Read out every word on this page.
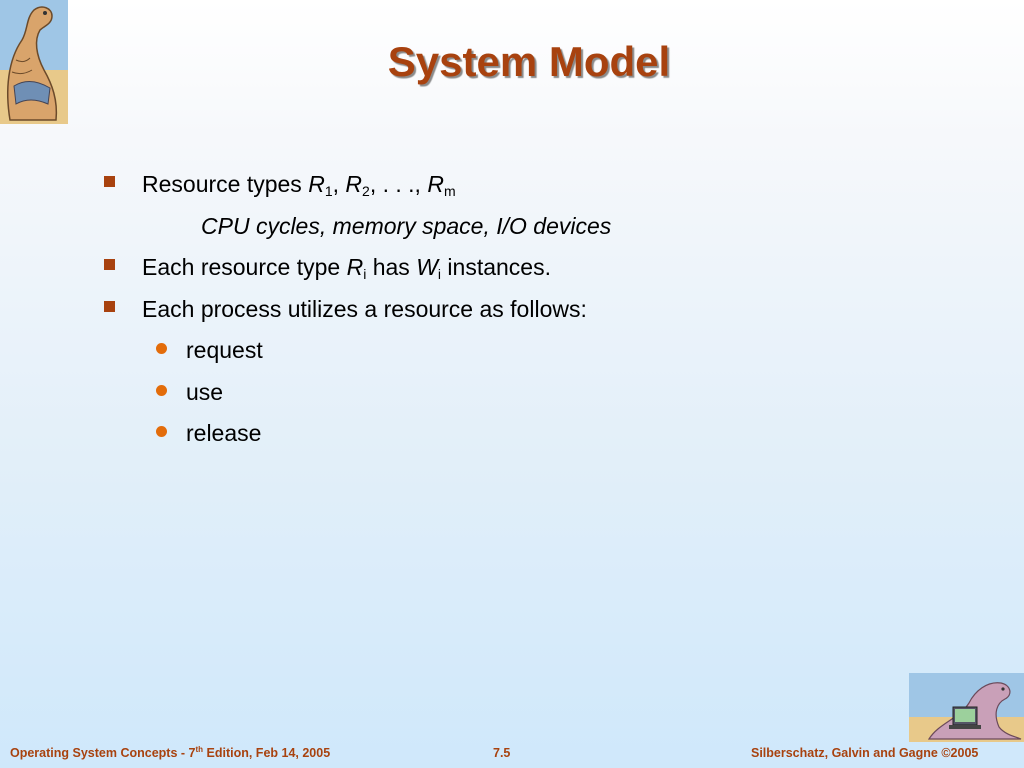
System Model
Resource types $R_1$, $R_2$, . . ., $R_m$
CPU cycles, memory space, I/O devices
Each resource type $R_i$ has $W_i$ instances.
Each process utilizes a resource as follows:
request
use
release
Operating System Concepts - 7th Edition, Feb 14, 2005	7.5	Silberschatz, Galvin and Gagne ©2005
